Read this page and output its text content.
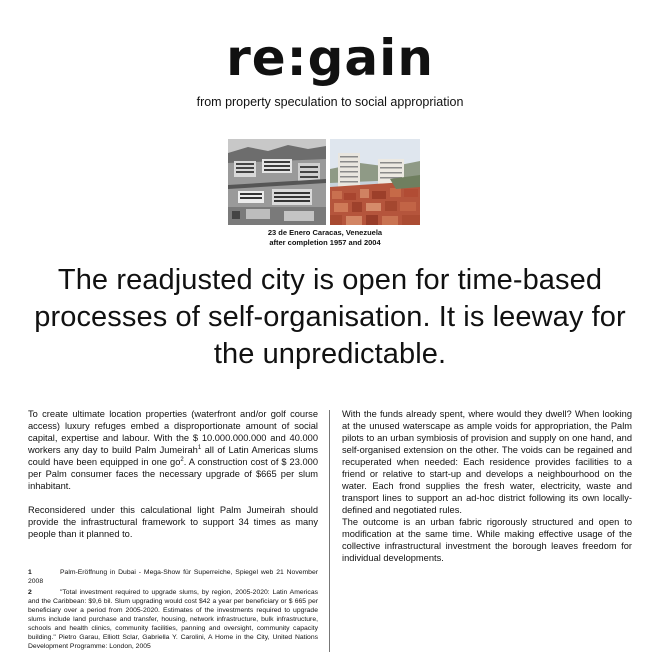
re:gain
from property speculation to social appropriation
23 de Enero Caracas, Venezuela
after completion 1957 and 2004
The readjusted city is open for time-based processes of self-organisation. It is leeway for the unpredictable.

To create ultimate location properties (waterfront and/or golf course access) luxury refuges embed a disproportionate amount of social capital, expertise and labour. With the $ 10.000.000.000 and 40.000 workers any day to build Palm Jumeirah$^1$ all of Latin Americas slums could have been equipped in one $go^2$. A construction cost of $ 23.000 per Palm consumer faces the necessary upgrade of $665 per slum inhabitant.

Reconsidered under this calculational light Palm Jumeirah should provide the infrastructural framework to support 34 times as many people than it planned to.

1	Palm-Eröffnung in Dubai - Mega-Show für Superreiche, Spiegel web 21 November 2008
2	"Total investment required to upgrade slums, by region, 2005-2020: Latin Americas and the Caribbean: $9,6 bil. Slum upgrading would cost $42 a year per beneficiary or $ 665 per beneficiary over a period from 2005-2020. Estimates of the investments required to upgrade slums include land purchase and transfer, housing, network infrastructure, bulk infrastructure, schools and health clinics, community facilities, panning and oversight, community capacity building." Pietro Garau, Elliott Sclar, Gabriella Y. Carolini, A Home in the City, United Nations Development Programme: London, 2005

With the funds already spent, where would they dwell? When looking at the unused waterscape as ample voids for appropriation, the Palm pilots to an urban symbiosis of provision and supply on one hand, and self-organised extension on the other. The voids can be regained and recuperated when needed: Each residence provides facilities to a friend or relative to start-up and develops a neighbourhood on the water. Each frond supplies the fresh water, electricity, waste and transport lines to support an ad-hoc district following its own locally-defined and negotiated rules.

The outcome is an urban fabric rigorously structured and open to modification at the same time. While making effective usage of the collective infrastructural investment the borough leaves freedom for individual developments.
